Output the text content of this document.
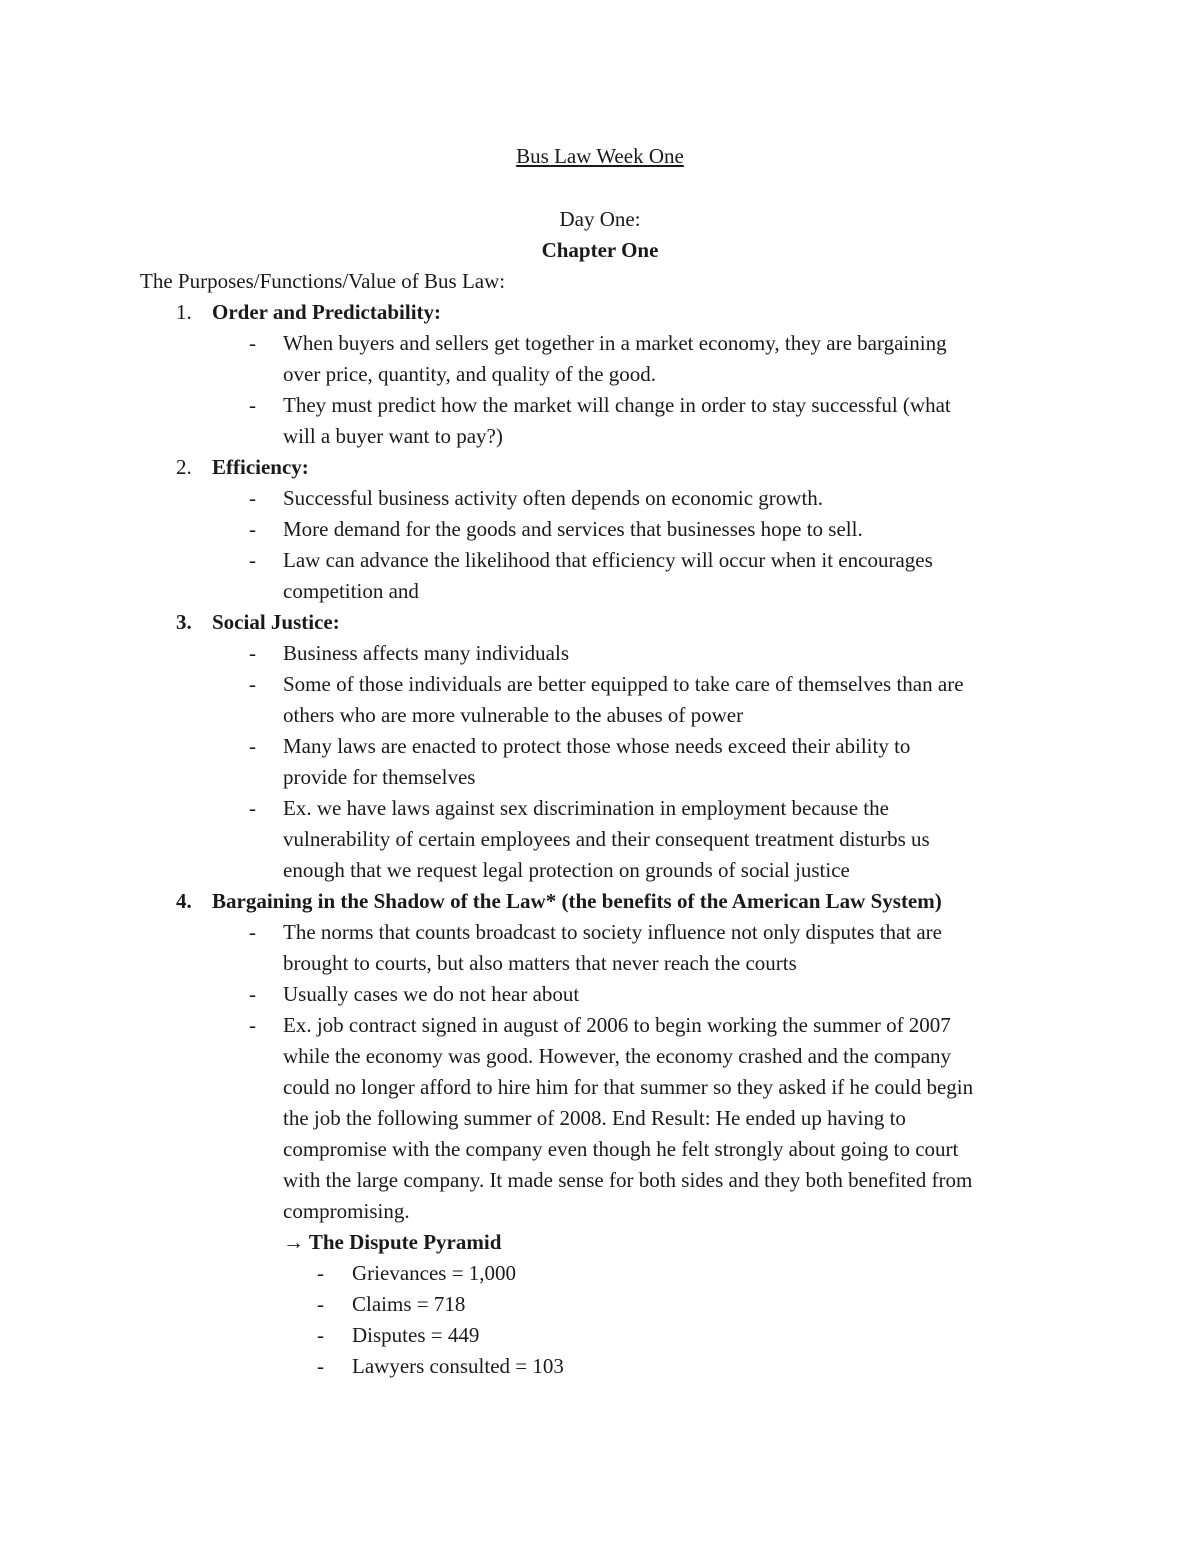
Bus Law Week One
Day One:
Chapter One
The Purposes/Functions/Value of Bus Law:
1. Order and Predictability:
- When buyers and sellers get together in a market economy, they are bargaining
over price, quantity, and quality of the good.
- They must predict how the market will change in order to stay successful (what
will a buyer want to pay?)
2. Efficiency:
- Successful business activity often depends on economic growth.
- More demand for the goods and services that businesses hope to sell.
- Law can advance the likelihood that efficiency will occur when it encourages
competition and
3. Social Justice:
- Business affects many individuals
- Some of those individuals are better equipped to take care of themselves than are
others who are more vulnerable to the abuses of power
- Many laws are enacted to protect those whose needs exceed their ability to
provide for themselves
- Ex. we have laws against sex discrimination in employment because the
vulnerability of certain employees and their consequent treatment disturbs us
enough that we request legal protection on grounds of social justice
4. Bargaining in the Shadow of the Law* (the benefits of the American Law System)
- The norms that counts broadcast to society influence not only disputes that are
brought to courts, but also matters that never reach the courts
- Usually cases we do not hear about
- Ex. job contract signed in august of 2006 to begin working the summer of 2007
while the economy was good. However, the economy crashed and the company
could no longer afford to hire him for that summer so they asked if he could begin
the job the following summer of 2008. End Result: He ended up having to
compromise with the company even though he felt strongly about going to court
with the large company. It made sense for both sides and they both benefited from
compromising.
→ The Dispute Pyramid
- Grievances = 1,000
- Claims = 718
- Disputes = 449
- Lawyers consulted = 103
